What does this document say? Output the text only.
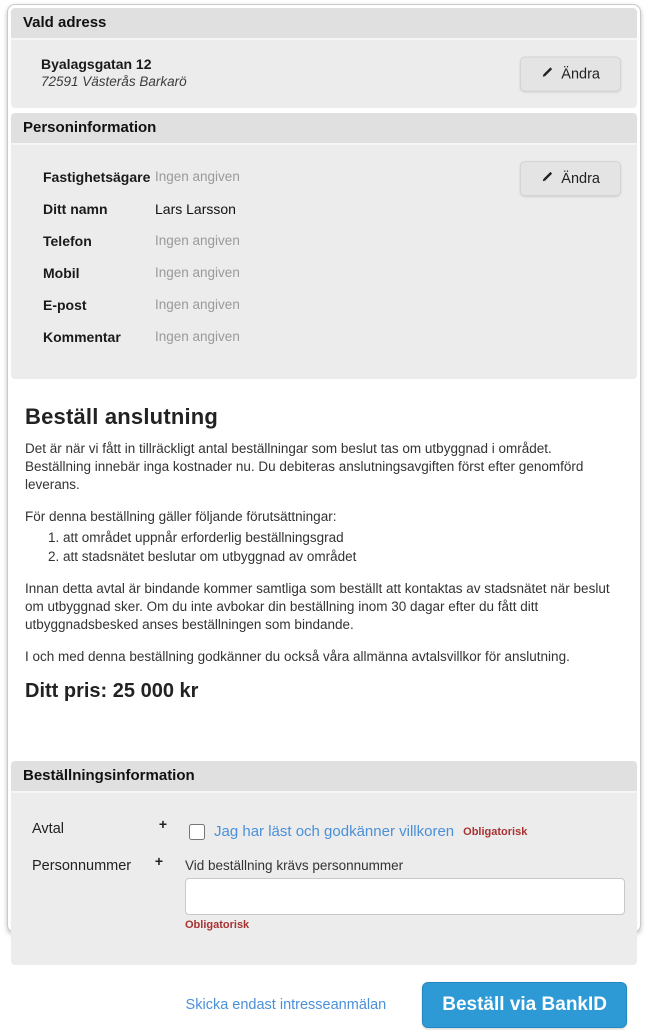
Vald adress
Byalagsgatan 12
72591 Västerås Barkarö	Ändra
Personinformation
Fastighetsägare Ingen angiven
Ditt namn	Lars Larsson
Telefon	Ingen angiven
Mobil	Ingen angiven
E-post	Ingen angiven
Kommentar	Ingen angiven
Ändra
Beställ anslutning

Det är när vi fått in tillräckligt antal beställningar som beslut tas om utbyggnad i området. Beställning innebär inga kostnader nu. Du debiteras anslutningsavgiften först efter genomförd leverans.

För denna beställning gäller följande förutsättningar:

1. att området uppnår erforderlig beställningsgrad
2. att stadsnätet beslutar om utbyggnad av området

Innan detta avtal är bindande kommer samtliga som beställt att kontaktas av stadsnätet när beslut om utbyggnad sker. Om du inte avbokar din beställning inom 30 dagar efter du fått ditt utbyggnadsbesked anses beställningen som bindande.

I och med denna beställning godkänner du också våra allmänna avtalsvillkor för anslutning.

Ditt pris: 25 000 kr
Beställningsinformation
Avtal	+	Jag har läst och godkänner villkoren Obligatorisk
Personnummer + Vid beställning krävs personnummer
Obligatorisk
Skicka endast intresseanmälan	Beställ via BankID
